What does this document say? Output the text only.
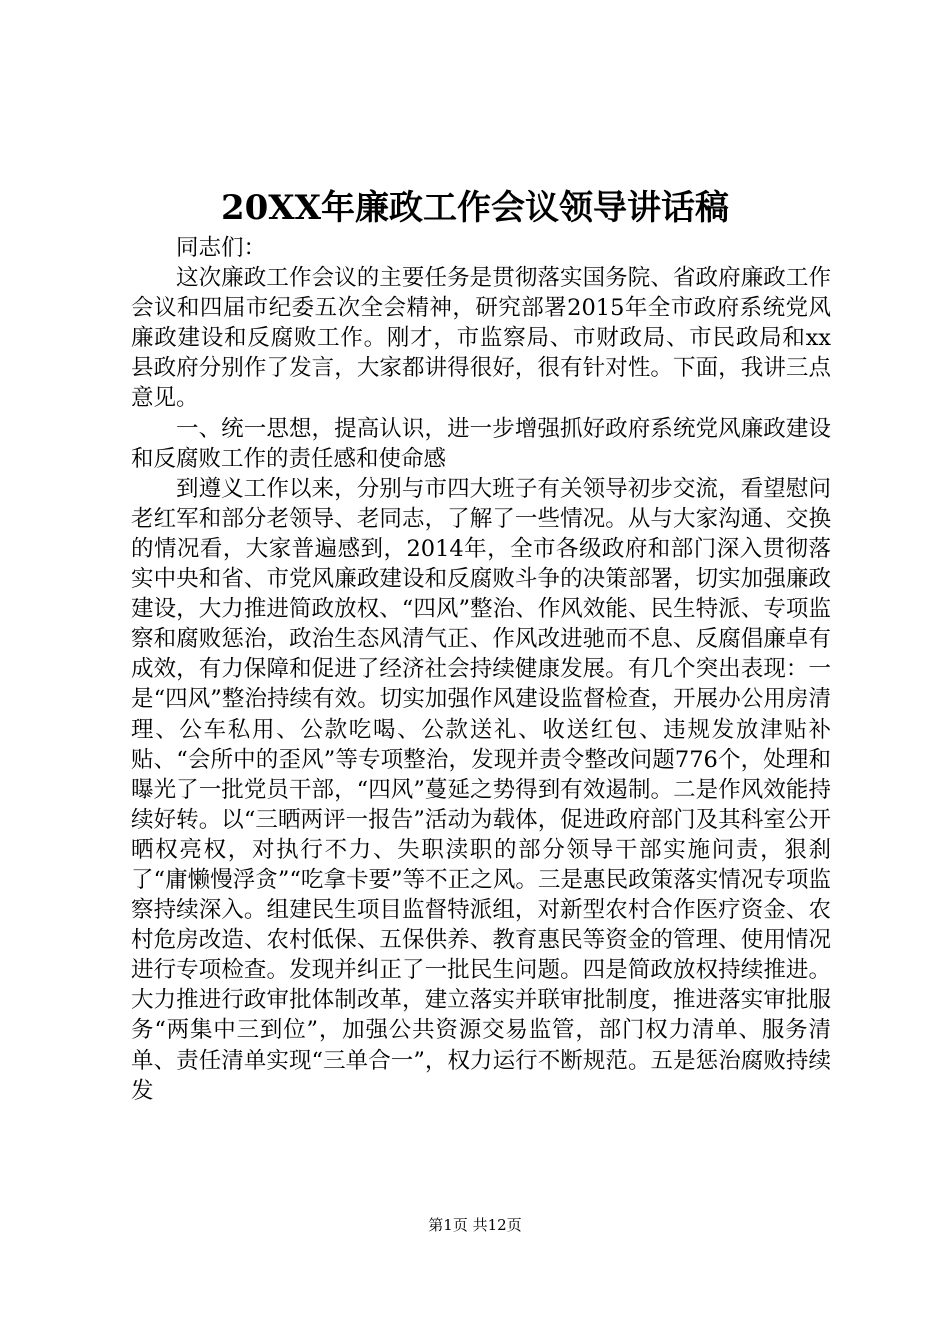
20XX年廉政工作会议领导讲话稿

同志们：

这次廉政工作会议的主要任务是贯彻落实国务院、省政府廉政工作会议和四届市纪委五次全会精神，研究部署2015年全市政府系统党风廉政建设和反腐败工作。刚才，市监察局、市财政局、市民政局和xx县政府分别作了发言，大家都讲得很好，很有针对性。下面，我讲三点意见。

一、统一思想，提高认识，进一步增强抓好政府系统党风廉政建设和反腐败工作的责任感和使命感

到遵义工作以来，分别与市四大班子有关领导初步交流，看望慰问老红军和部分老领导、老同志，了解了一些情况。从与大家沟通、交换的情况看，大家普遍感到，2014年，全市各级政府和部门深入贯彻落实中央和省、市党风廉政建设和反腐败斗争的决策部署，切实加强廉政建设，大力推进简政放权、“四风”整治、作风效能、民生特派、专项监察和腐败惩治，政治生态风清气正、作风改进驰而不息、反腐倡廉卓有成效，有力保障和促进了经济社会持续健康发展。有几个突出表现：一是“四风”整治持续有效。切实加强作风建设监督检查，开展办公用房清理、公车私用、公款吃喝、公款送礼、收送红包、违规发放津贴补贴、“会所中的歪风”等专项整治，发现并责令整改问题776个，处理和曝光了一批党员干部，“四风”蔓延之势得到有效遏制。二是作风效能持续好转。以“三晒两评一报告”活动为载体，促进政府部门及其科室公开晒权亮权，对执行不力、失职渎职的部分领导干部实施问责，狠刹了“庸懒慢浮贪”“吃拿卡要”等不正之风。三是惠民政策落实情况专项监察持续深入。组建民生项目监督特派组，对新型农村合作医疗资金、农村危房改造、农村低保、五保供养、教育惠民等资金的管理、使用情况进行专项检查。发现并纠正了一批民生问题。四是简政放权持续推进。大力推进行政审批体制改革，建立落实并联审批制度，推进落实审批服务“两集中三到位”，加强公共资源交易监管，部门权力清单、服务清单、责任清单实现“三单合一”，权力运行不断规范。五是惩治腐败持续发

第1页 共12页
